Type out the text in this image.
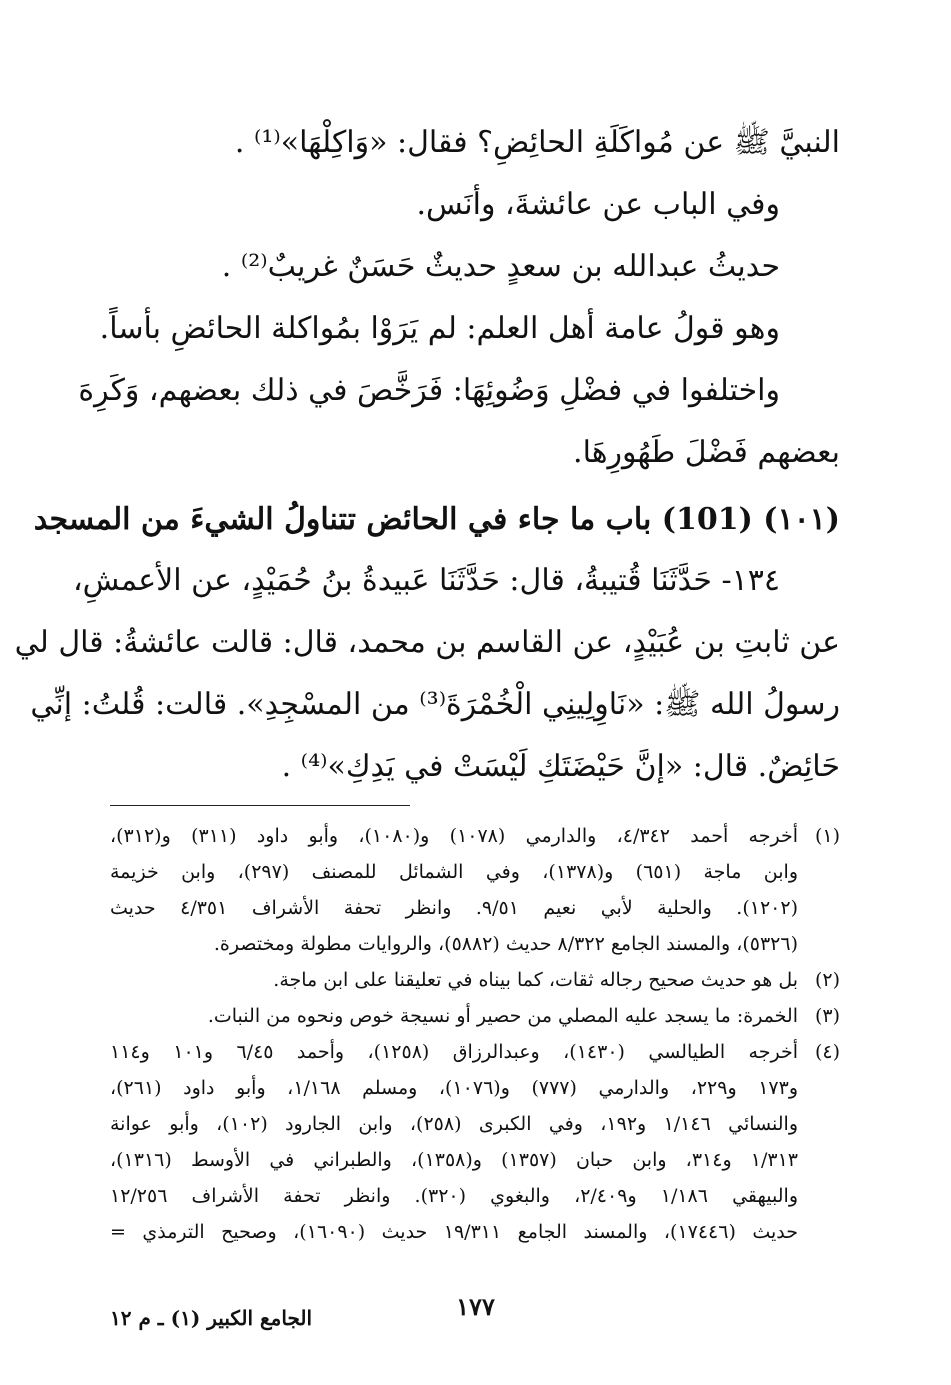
النبيَّ ﷺ عن مُواكَلَةِ الحائِضِ؟ فقال: «وَاكِلْهَا»⁽¹⁾ .
وفي الباب عن عائشةَ، وأنَس.
حديثُ عبدالله بن سعدٍ حديثٌ حَسَنٌ غريبٌ⁽²⁾ .
وهو قولُ عامة أهل العلم: لم يَرَوْا بمُواكلة الحائضِ بأساً.
واختلفوا في فضْلِ وَضُوئِهَا: فَرَخَّصَ في ذلك بعضهم، وَكَرِهَ
بعضهم فَضْلَ طَهُورِهَا.
(١٠١) (101) باب ما جاء في الحائض تتناولُ الشيءَ من المسجد
١٣٤- حَدَّثَنَا قُتيبةُ، قال: حَدَّثَنَا عَبيدةُ بنُ حُمَيْدٍ، عن الأعمشِ،
عن ثابتِ بن عُبَيْدٍ، عن القاسم بن محمد، قال: قالت عائشةُ: قال لي
رسولُ الله ﷺ: «نَاوِلِينِي الْخُمْرَةَ⁽³⁾ من المسْجِدِ». قالت: قُلتُ: إنِّي
حَائِضٌ. قال: «إنَّ حَيْضَتَكِ لَيْسَتْ في يَدِكِ»⁽⁴⁾ .
(١)
أخرجه أحمد ٤/٣٤٢، والدارمي (١٠٧٨) و(١٠٨٠)، وأبو داود (٣١١) و(٣١٢)،
وابن ماجة (٦٥١) و(١٣٧٨)، وفي الشمائل للمصنف (٢٩٧)، وابن خزيمة
(١٢٠٢). والحلية لأبي نعيم ٩/٥١. وانظر تحفة الأشراف ٤/٣٥١ حديث
(٥٣٢٦)، والمسند الجامع ٨/٣٢٢ حديث (٥٨٨٢)، والروايات مطولة ومختصرة.
(٢)
بل هو حديث صحيح رجاله ثقات، كما بيناه في تعليقنا على ابن ماجة.
(٣)
الخمرة: ما يسجد عليه المصلي من حصير أو نسيجة خوص ونحوه من النبات.
(٤)
أخرجه الطيالسي (١٤٣٠)، وعبدالرزاق (١٢٥٨)، وأحمد ٦/٤٥ و١٠١ و١١٤
و١٧٣ و٢٢٩، والدارمي (٧٧٧) و(١٠٧٦)، ومسلم ١/١٦٨، وأبو داود (٢٦١)،
والنسائي ١/١٤٦ و١٩٢، وفي الكبرى (٢٥٨)، وابن الجارود (١٠٢)، وأبو عوانة
١/٣١٣ و٣١٤، وابن حبان (١٣٥٧) و(١٣٥٨)، والطبراني في الأوسط (١٣١٦)،
والبيهقي ١/١٨٦ و٢/٤٠٩، والبغوي (٣٢٠). وانظر تحفة الأشراف ١٢/٢٥٦
حديث (١٧٤٤٦)، والمسند الجامع ١٩/٣١١ حديث (١٦٠٩٠)، وصحيح الترمذي =
١٧٧
الجامع الكبير (١) ـ م ١٢
